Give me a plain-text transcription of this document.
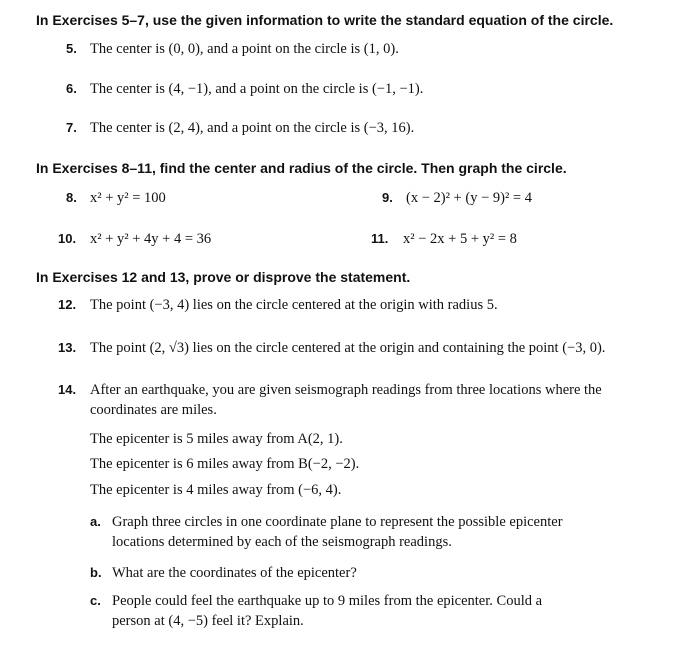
In Exercises 5–7, use the given information to write the standard equation of the circle.
5. The center is (0, 0), and a point on the circle is (1, 0).
6. The center is (4, −1), and a point on the circle is (−1, −1).
7. The center is (2, 4), and a point on the circle is (−3, 16).
In Exercises 8–11, find the center and radius of the circle. Then graph the circle.
8. x² + y² = 100	9. (x − 2)² + (y − 9)² = 4
10. x² + y² + 4y + 4 = 36	11. x² − 2x + 5 + y² = 8
In Exercises 12 and 13, prove or disprove the statement.
12. The point (−3, 4) lies on the circle centered at the origin with radius 5.
13. The point (2, √3) lies on the circle centered at the origin and containing the point (−3, 0).
14. After an earthquake, you are given seismograph readings from three locations where the
coordinates are miles.
The epicenter is 5 miles away from A(2, 1).
The epicenter is 6 miles away from B(−2, −2).
The epicenter is 4 miles away from (−6, 4).
a. Graph three circles in one coordinate plane to represent the possible epicenter
locations determined by each of the seismograph readings.
b. What are the coordinates of the epicenter?
c. People could feel the earthquake up to 9 miles from the epicenter. Could a
person at (4, −5) feel it? Explain.
